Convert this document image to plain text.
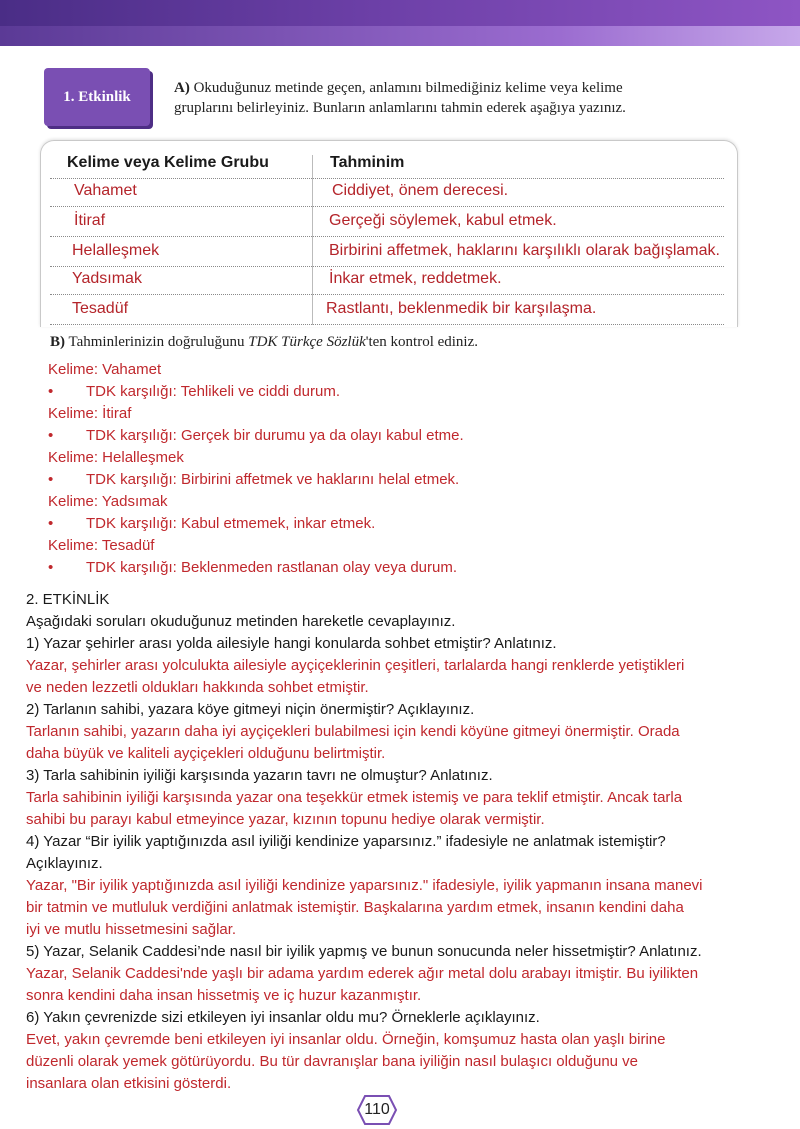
1. Etkinlik
A) Okuduğunuz metinde geçen, anlamını bilmediğiniz kelime veya kelime
gruplarını belirleyiniz. Bunların anlamlarını tahmin ederek aşağıya yazınız.
Kelime veya Kelime Grubu	Tahminim
Vahamet	Ciddiyet, önem derecesi.
İtiraf	Gerçeği söylemek, kabul etmek.
Helalleşmek	Birbirini affetmek, haklarını karşılıklı olarak bağışlamak.
Yadsımak	İnkar etmek, reddetmek.
Tesadüf	Rastlantı, beklenmedik bir karşılaşma.
B) Tahminlerinizin doğruluğunu TDK Türkçe Sözlük'ten kontrol ediniz.
Kelime: Vahamet
• TDK karşılığı: Tehlikeli ve ciddi durum.
Kelime: İtiraf
• TDK karşılığı: Gerçek bir durumu ya da olayı kabul etme.
Kelime: Helalleşmek
• TDK karşılığı: Birbirini affetmek ve haklarını helal etmek.
Kelime: Yadsımak
• TDK karşılığı: Kabul etmemek, inkar etmek.
Kelime: Tesadüf
• TDK karşılığı: Beklenmeden rastlanan olay veya durum.
2. ETKİNLİK
Aşağıdaki soruları okuduğunuz metinden hareketle cevaplayınız.
1) Yazar şehirler arası yolda ailesiyle hangi konularda sohbet etmiştir? Anlatınız.
Yazar, şehirler arası yolculukta ailesiyle ayçiçeklerinin çeşitleri, tarlalarda hangi renklerde yetiştikleri
ve neden lezzetli oldukları hakkında sohbet etmiştir.
2) Tarlanın sahibi, yazara köye gitmeyi niçin önermiştir? Açıklayınız.
Tarlanın sahibi, yazarın daha iyi ayçiçekleri bulabilmesi için kendi köyüne gitmeyi önermiştir. Orada
daha büyük ve kaliteli ayçiçekleri olduğunu belirtmiştir.
3) Tarla sahibinin iyiliği karşısında yazarın tavrı ne olmuştur? Anlatınız.
Tarla sahibinin iyiliği karşısında yazar ona teşekkür etmek istemiş ve para teklif etmiştir. Ancak tarla
sahibi bu parayı kabul etmeyince yazar, kızının topunu hediye olarak vermiştir.
4) Yazar “Bir iyilik yaptığınızda asıl iyiliği kendinize yaparsınız.” ifadesiyle ne anlatmak istemiştir?
Açıklayınız.
Yazar, "Bir iyilik yaptığınızda asıl iyiliği kendinize yaparsınız." ifadesiyle, iyilik yapmanın insana manevi
bir tatmin ve mutluluk verdiğini anlatmak istemiştir. Başkalarına yardım etmek, insanın kendini daha
iyi ve mutlu hissetmesini sağlar.
5) Yazar, Selanik Caddesi’nde nasıl bir iyilik yapmış ve bunun sonucunda neler hissetmiştir? Anlatınız.
Yazar, Selanik Caddesi'nde yaşlı bir adama yardım ederek ağır metal dolu arabayı itmiştir. Bu iyilikten
sonra kendini daha insan hissetmiş ve iç huzur kazanmıştır.
6) Yakın çevrenizde sizi etkileyen iyi insanlar oldu mu? Örneklerle açıklayınız.
Evet, yakın çevremde beni etkileyen iyi insanlar oldu. Örneğin, komşumuz hasta olan yaşlı birine
düzenli olarak yemek götürüyordu. Bu tür davranışlar bana iyiliğin nasıl bulaşıcı olduğunu ve
insanlara olan etkisini gösterdi.
110
